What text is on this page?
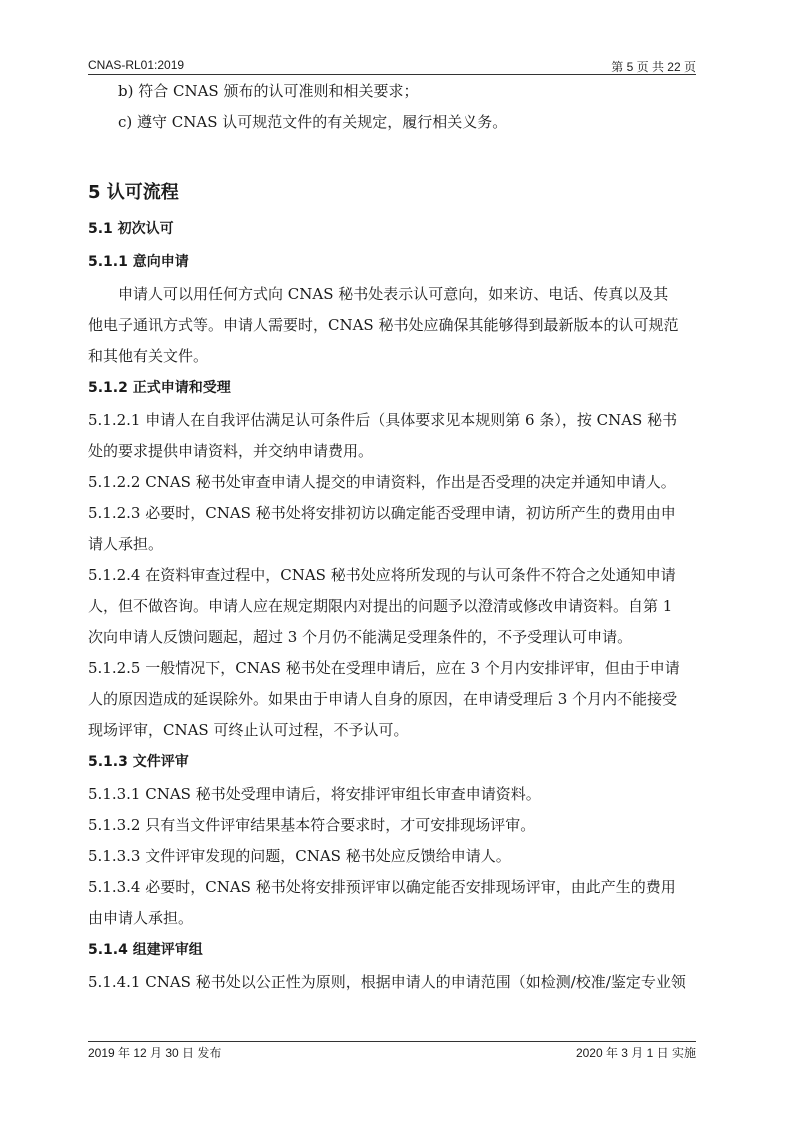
CNAS-RL01:2019	第 5 页 共 22 页
b) 符合 CNAS 颁布的认可准则和相关要求；
c) 遵守 CNAS 认可规范文件的有关规定，履行相关义务。
5 认可流程
5.1 初次认可
5.1.1 意向申请
申请人可以用任何方式向 CNAS 秘书处表示认可意向，如来访、电话、传真以及其
他电子通讯方式等。申请人需要时，CNAS 秘书处应确保其能够得到最新版本的认可规范
和其他有关文件。
5.1.2 正式申请和受理
5.1.2.1 申请人在自我评估满足认可条件后（具体要求见本规则第 6 条），按 CNAS 秘书
处的要求提供申请资料，并交纳申请费用。
5.1.2.2 CNAS 秘书处审查申请人提交的申请资料，作出是否受理的决定并通知申请人。
5.1.2.3 必要时，CNAS 秘书处将安排初访以确定能否受理申请，初访所产生的费用由申
请人承担。
5.1.2.4 在资料审查过程中，CNAS 秘书处应将所发现的与认可条件不符合之处通知申请
人，但不做咨询。申请人应在规定期限内对提出的问题予以澄清或修改申请资料。自第 1
次向申请人反馈问题起，超过 3 个月仍不能满足受理条件的，不予受理认可申请。
5.1.2.5 一般情况下，CNAS 秘书处在受理申请后，应在 3 个月内安排评审，但由于申请
人的原因造成的延误除外。如果由于申请人自身的原因，在申请受理后 3 个月内不能接受
现场评审，CNAS 可终止认可过程，不予认可。
5.1.3 文件评审
5.1.3.1 CNAS 秘书处受理申请后，将安排评审组长审查申请资料。
5.1.3.2 只有当文件评审结果基本符合要求时，才可安排现场评审。
5.1.3.3 文件评审发现的问题，CNAS 秘书处应反馈给申请人。
5.1.3.4 必要时，CNAS 秘书处将安排预评审以确定能否安排现场评审，由此产生的费用
由申请人承担。
5.1.4 组建评审组
5.1.4.1 CNAS 秘书处以公正性为原则，根据申请人的申请范围（如检测/校准/鉴定专业领
2019 年 12 月 30 日 发布	2020 年 3 月 1 日 实施
